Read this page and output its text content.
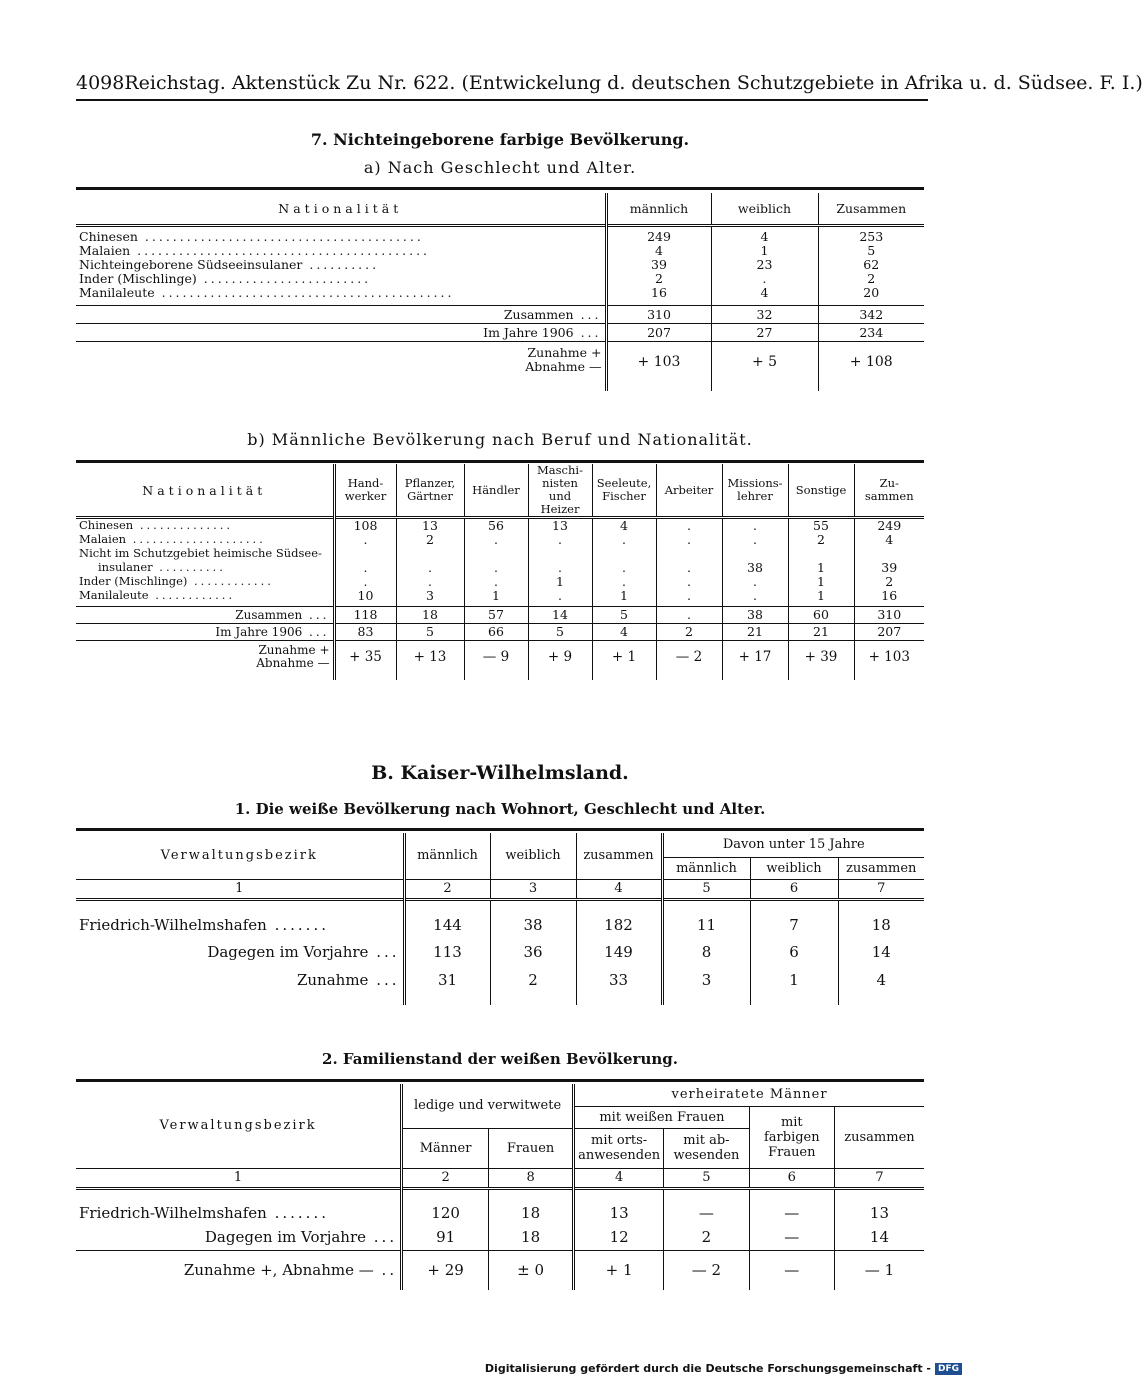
4098 Reichstag. Aktenstück Zu Nr. 622. (Entwickelung d. deutschen Schutzgebiete in Afrika u. d. Südsee. F. I.)
7. Nichteingeborene farbige Bevölkerung.
a) Nach Geschlecht und Alter.
Nationalität	männlich	weiblich	Zusammen
Chinesen ........................................	249	4	253
Malaien ..........................................	4	1	5
Nichteingeborene Südseeinsulaner ..........	39	23	62
Inder (Mischlinge) ........................	2	.	2
Manilaleute ..........................................	16	4	20

Zusammen ...	310	32	342
Im Jahre 1906 ...	207	27	234

Zunahme +
Abnahme —	+ 103	+ 5	+ 108
b) Männliche Bevölkerung nach Beruf und Nationalität.
Nationalität	Hand-werker	Pflanzer, Gärtner	Händler	Maschi-nisten und Heizer	Seeleute, Fischer	Arbeiter	Missions-lehrer	Sonstige	Zu-sammen
Chinesen ..............	108	13	56	13	4	.	.	55	249
Malaien ....................	.	2	.	.	.	.	.	2	4
Nicht im Schutzgebiet heimische Südsee-									
insulaner ..........	.	.	.	.	.	.	38	1	39
Inder (Mischlinge) ............	.	.	.	1	.	.	.	1	2
Manilaleute ............	10	3	1	.	1	.	.	1	16

Zusammen ...	118	18	57	14	5	.	38	60	310
Im Jahre 1906 ...	83	5	66	5	4	2	21	21	207

Zunahme +
Abnahme —	+ 35	+ 13	— 9	+ 9	+ 1	— 2	+ 17	+ 39	+ 103
B. Kaiser-Wilhelmsland.
1. Die weiße Bevölkerung nach Wohnort, Geschlecht und Alter.
Verwaltungsbezirk	männlich	weiblich	zusammen	Davon unter 15 Jahre		
				männlich	weiblich	zusammen
1	2	3	4	5	6	7

Friedrich-Wilhelmshafen .......	144	38	182	11	7	18
Dagegen im Vorjahre ...	113	36	149	8	6	14
Zunahme ...	31	2	33	3	1	4
2. Familienstand der weißen Bevölkerung.
Verwaltungsbezirk	ledige und verwitwete		verheiratete Männer			
			mit weißen Frauen		mit farbigen Frauen	zusammen
	Männer	Frauen	mit orts-anwesenden	mit ab-wesenden		
1	2	8	4	5	6	7

Friedrich-Wilhelmshafen .......	120	18	13	—	—	13
Dagegen im Vorjahre ...	91	18	12	2	—	14
Zunahme +, Abnahme — ..	+ 29	± 0	+ 1	— 2	—	— 1
Digitalisierung gefördert durch die Deutsche Forschungsgemeinschaft - DFG
